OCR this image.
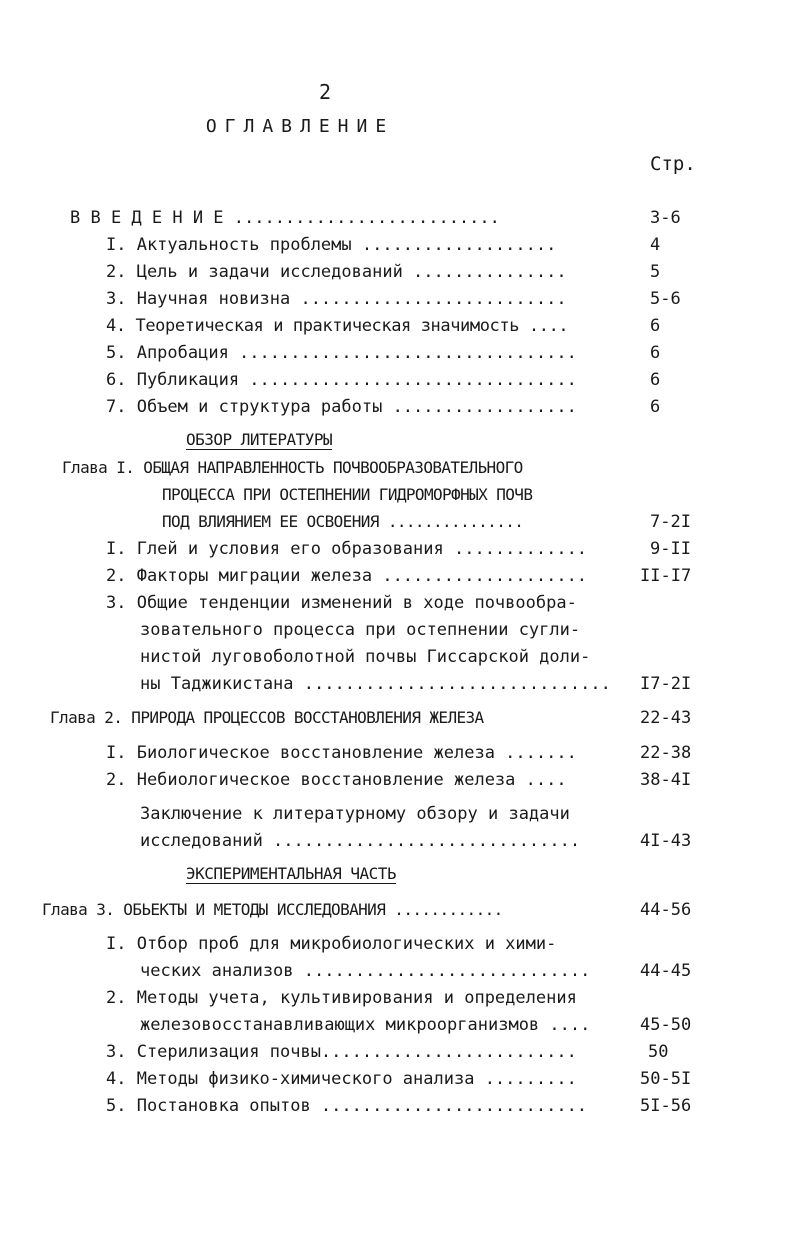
2
ОГЛАВЛЕНИЕ
Стр.
В В Е Д Е Н И Е ..........................	3-6
I. Актуальность проблемы ...................	4
2. Цель и задачи исследований ...............	5
3. Научная новизна ..........................	5-6
4. Теоретическая и практическая значимость ....	6
5. Апробация .................................	6
6. Публикация ................................	6
7. Объем и структура работы ..................	6
ОБЗОР ЛИТЕРАТУРЫ
Глава I. ОБЩАЯ НАПРАВЛЕННОСТЬ ПОЧВООБРАЗОВАТЕЛЬНОГО
ПРОЦЕССА ПРИ ОСТЕПНЕНИИ ГИДРОМОРФНЫХ ПОЧВ
ПОД ВЛИЯНИЕМ ЕЕ ОСВОЕНИЯ ...............	7-2I
I. Глей и условия его образования .............	9-II
2. Факторы миграции железа ....................	II-I7
3. Общие тенденции изменений в ходе почвообра-
зовательного процесса при остепнении сугли-
нистой луговоболотной почвы Гиссарской доли-
ны Таджикистана .............................. I7-2I
Глава 2. ПРИРОДА ПРОЦЕССОВ ВОССТАНОВЛЕНИЯ ЖЕЛЕЗА	22-43
I. Биологическое восстановление железа .......	22-38
2. Небиологическое восстановление железа ....	38-4I
Заключение к литературному обзору и задачи
исследований ..............................	4I-43
ЭКСПЕРИМЕНТАЛЬНАЯ ЧАСТЬ
Глава 3. ОБЬЕКТЫ И МЕТОДЫ ИССЛЕДОВАНИЯ ............	44-56
I. Отбор проб для микробиологических и хими-
ческих анализов ............................	44-45
2. Методы учета, культивирования и определения
железовосстанавливающих микроорганизмов ....	45-50
3. Стерилизация почвы.........................	50
4. Методы физико-химического анализа .........	50-5I
5. Постановка опытов ..........................	5I-56
